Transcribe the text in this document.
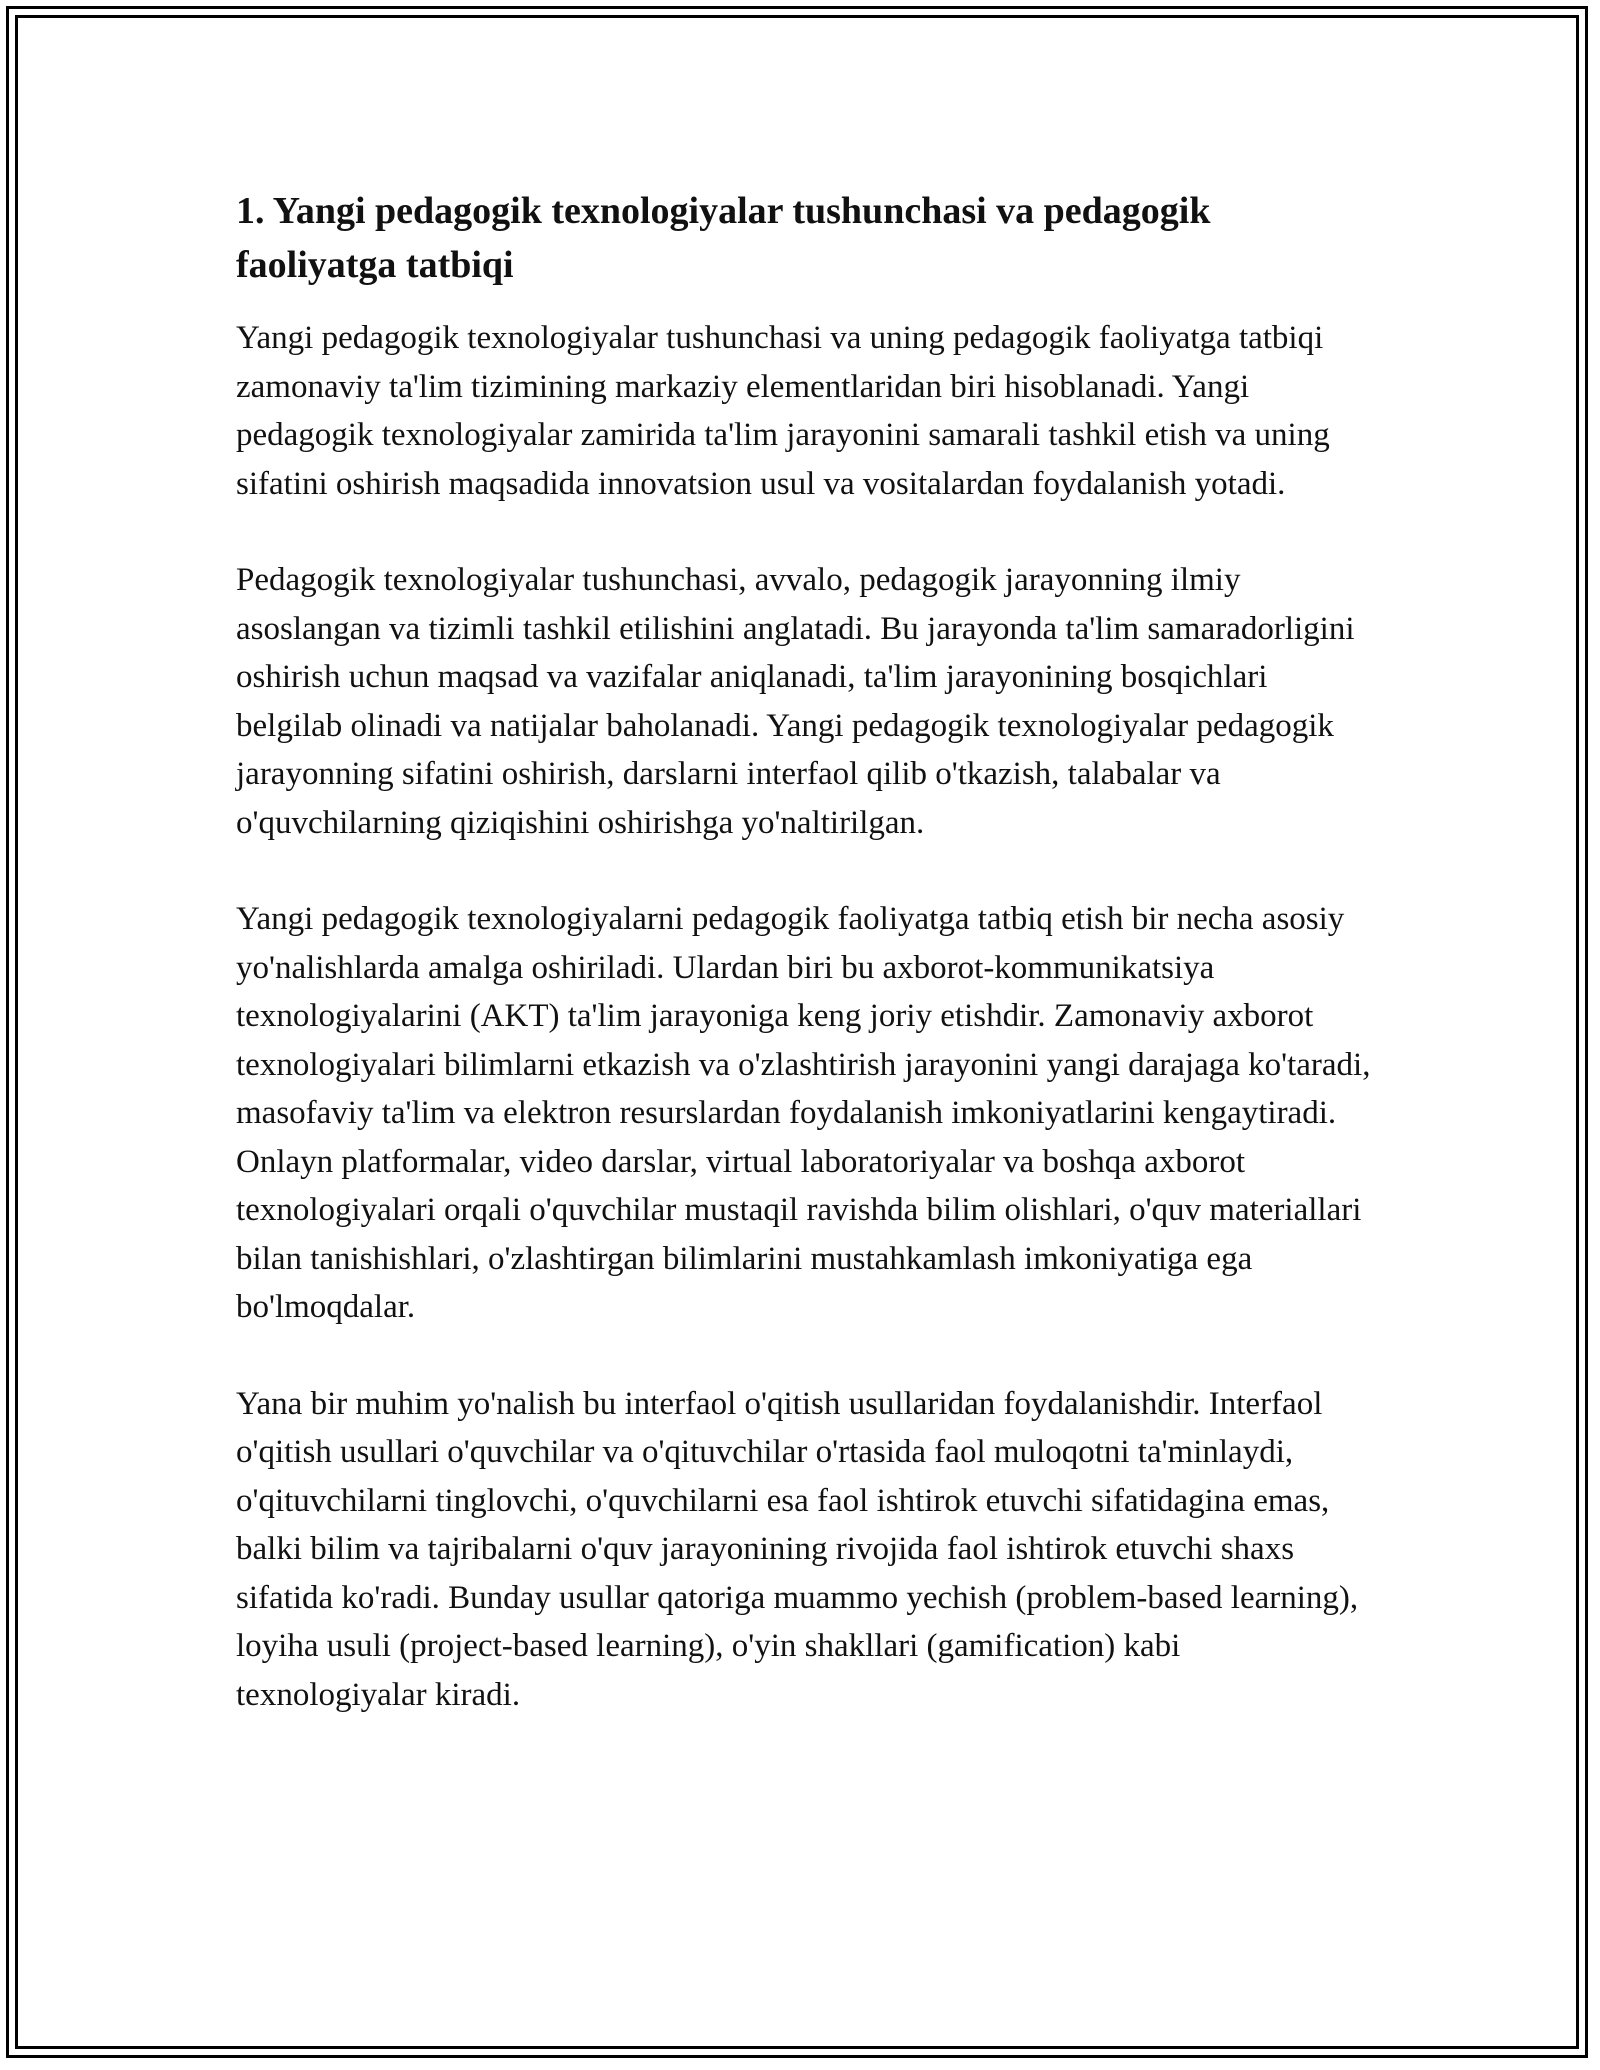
1. Yangi pedagogik texnologiyalar tushunchasi va pedagogik faoliyatga tatbiqi

Yangi pedagogik texnologiyalar tushunchasi va uning pedagogik faoliyatga tatbiqi zamonaviy ta'lim tizimining markaziy elementlaridan biri hisoblanadi. Yangi pedagogik texnologiyalar zamirida ta'lim jarayonini samarali tashkil etish va uning sifatini oshirish maqsadida innovatsion usul va vositalardan foydalanish yotadi.

Pedagogik texnologiyalar tushunchasi, avvalo, pedagogik jarayonning ilmiy asoslangan va tizimli tashkil etilishini anglatadi. Bu jarayonda ta'lim samaradorligini oshirish uchun maqsad va vazifalar aniqlanadi, ta'lim jarayonining bosqichlari belgilab olinadi va natijalar baholanadi. Yangi pedagogik texnologiyalar pedagogik jarayonning sifatini oshirish, darslarni interfaol qilib o'tkazish, talabalar va o'quvchilarning qiziqishini oshirishga yo'naltirilgan.

Yangi pedagogik texnologiyalarni pedagogik faoliyatga tatbiq etish bir necha asosiy yo'nalishlarda amalga oshiriladi. Ulardan biri bu axborot-kommunikatsiya texnologiyalarini (AKT) ta'lim jarayoniga keng joriy etishdir. Zamonaviy axborot texnologiyalari bilimlarni etkazish va o'zlashtirish jarayonini yangi darajaga ko'taradi, masofaviy ta'lim va elektron resurslardan foydalanish imkoniyatlarini kengaytiradi. Onlayn platformalar, video darslar, virtual laboratoriyalar va boshqa axborot texnologiyalari orqali o'quvchilar mustaqil ravishda bilim olishlari, o'quv materiallari bilan tanishishlari, o'zlashtirgan bilimlarini mustahkamlash imkoniyatiga ega bo'lmoqdalar.

Yana bir muhim yo'nalish bu interfaol o'qitish usullaridan foydalanishdir. Interfaol o'qitish usullari o'quvchilar va o'qituvchilar o'rtasida faol muloqotni ta'minlaydi, o'qituvchilarni tinglovchi, o'quvchilarni esa faol ishtirok etuvchi sifatidagina emas, balki bilim va tajribalarni o'quv jarayonining rivojida faol ishtirok etuvchi shaxs sifatida ko'radi. Bunday usullar qatoriga muammo yechish (problem-based learning), loyiha usuli (project-based learning), o'yin shakllari (gamification) kabi texnologiyalar kiradi.
